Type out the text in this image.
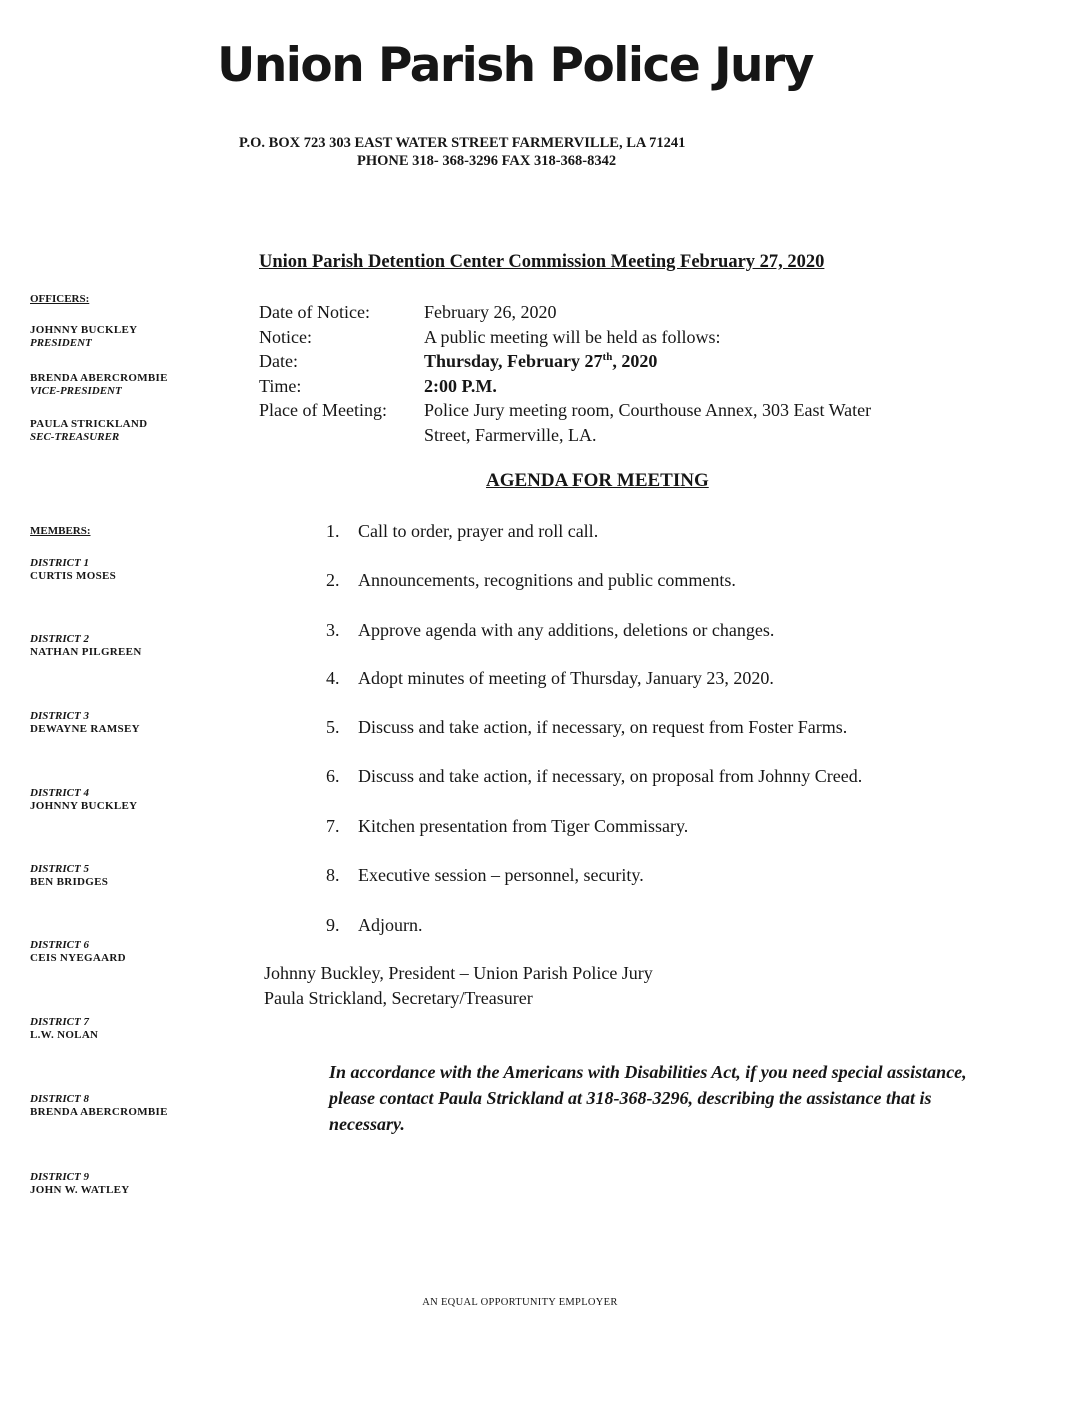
Union Parish Police Jury
P.O. BOX 723 303 EAST WATER STREET FARMERVILLE, LA 71241
PHONE 318- 368-3296 FAX 318-368-8342
Union Parish Detention Center Commission Meeting February 27, 2020
OFFICERS:
JOHNNY BUCKLEY
PRESIDENT
BRENDA ABERCROMBIE
VICE-PRESIDENT
PAULA STRICKLAND
SEC-TREASURER
MEMBERS:
DISTRICT 1
CURTIS MOSES
DISTRICT 2
NATHAN PILGREEN
DISTRICT 3
DEWAYNE RAMSEY
DISTRICT 4
JOHNNY BUCKLEY
DISTRICT 5
BEN BRIDGES
DISTRICT 6
CEIS NYEGAARD
DISTRICT 7
L.W. NOLAN
DISTRICT 8
BRENDA ABERCROMBIE
DISTRICT 9
JOHN W. WATLEY
Date of Notice:	February 26, 2020
Notice:	A public meeting will be held as follows:
Date:	Thursday, February 27th, 2020
Time:	2:00 P.M.
Place of Meeting: Police Jury meeting room, Courthouse Annex, 303 East Water
Street, Farmerville, LA.
AGENDA FOR MEETING
1. Call to order, prayer and roll call.
2. Announcements, recognitions and public comments.
3. Approve agenda with any additions, deletions or changes.
4. Adopt minutes of meeting of Thursday, January 23, 2020.
5. Discuss and take action, if necessary, on request from Foster Farms.
6. Discuss and take action, if necessary, on proposal from Johnny Creed.
7. Kitchen presentation from Tiger Commissary.
8. Executive session – personnel, security.
9. Adjourn.
Johnny Buckley, President – Union Parish Police Jury
Paula Strickland, Secretary/Treasurer
In accordance with the Americans with Disabilities Act, if you need special assistance, please contact Paula Strickland at 318-368-3296, describing the assistance that is necessary.
AN EQUAL OPPORTUNITY EMPLOYER
